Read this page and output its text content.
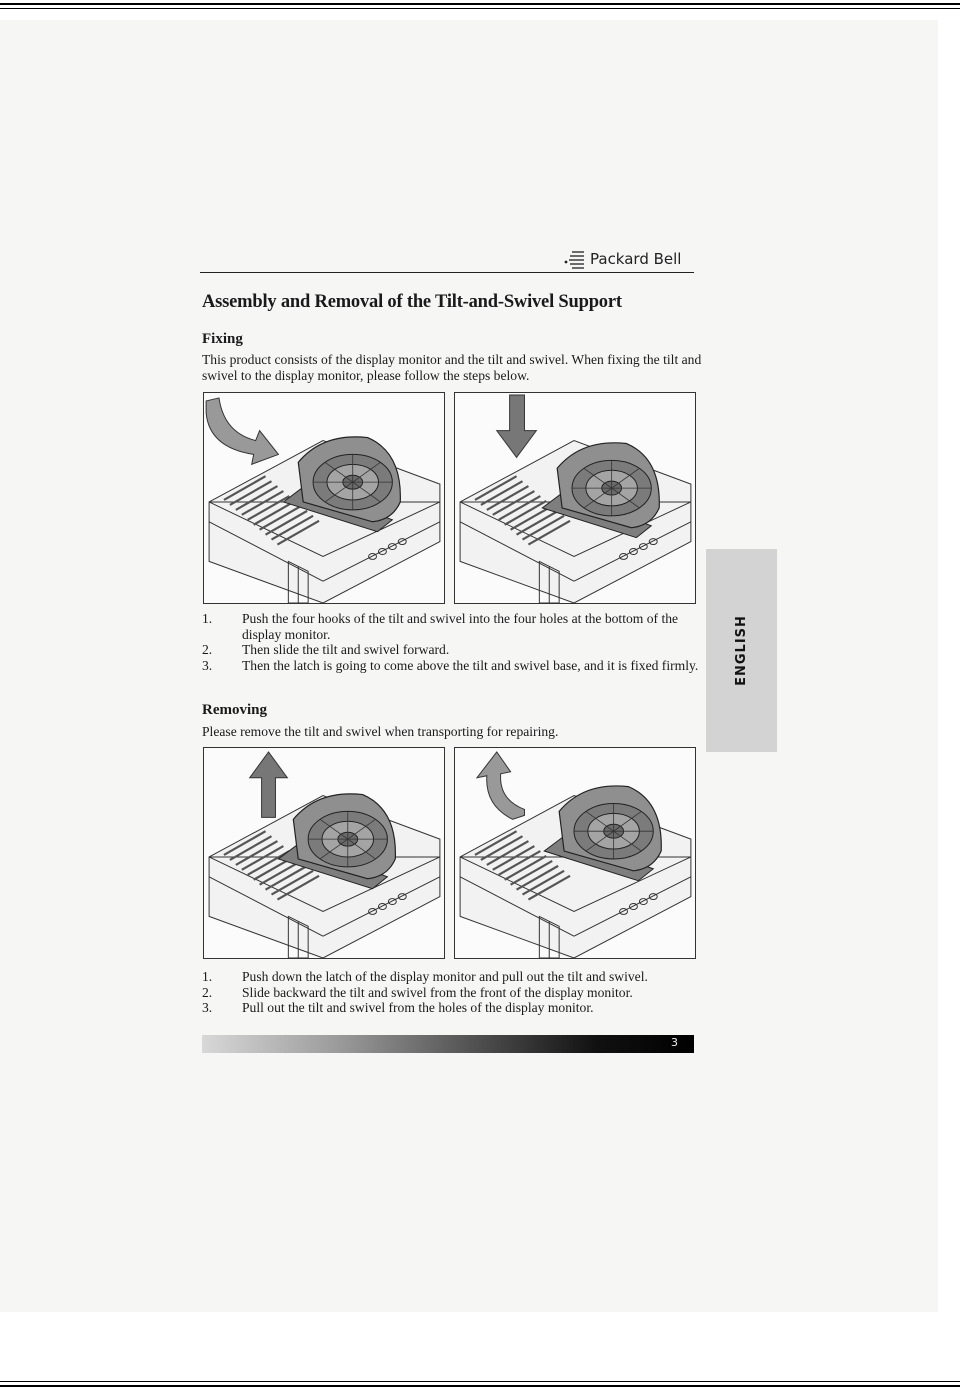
Packard Bell
Assembly and Removal of the Tilt-and-Swivel Support
Fixing

This product consists of the display monitor and the tilt and swivel. When fixing the tilt and swivel to the display monitor, please follow the steps below.

1.	Push the four hooks of the tilt and swivel into the four holes at the bottom of the display monitor.
2.	Then slide the tilt and swivel forward.
3.	Then the latch is going to come above the tilt and swivel base, and it is fixed firmly.
Removing

Please remove the tilt and swivel when transporting for repairing.

1.	Push down the latch of the display monitor and pull out the tilt and swivel.
2.	Slide backward the tilt and swivel from the front of the display monitor.
3.	Pull out the tilt and swivel from the holes of the display monitor.
ENGLISH
3
